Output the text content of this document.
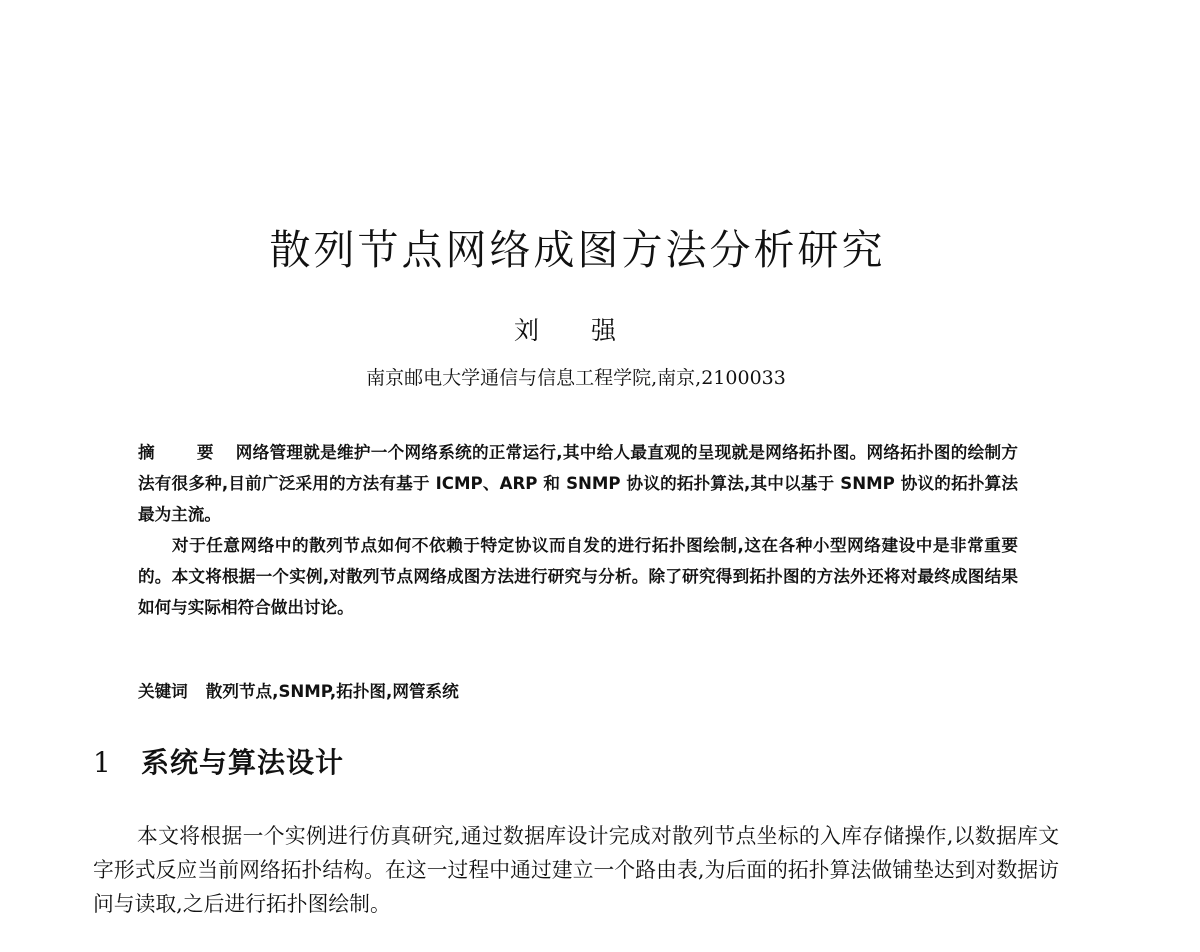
散列节点网络成图方法分析研究
刘 强
南京邮电大学通信与信息工程学院,南京,2100033

摘 要 网络管理就是维护一个网络系统的正常运行,其中给人最直观的呈现就是网络拓扑图。网络拓扑图的绘制方法有很多种,目前广泛采用的方法有基于 ICMP、ARP 和 SNMP 协议的拓扑算法,其中以基于 SNMP 协议的拓扑算法最为主流。

对于任意网络中的散列节点如何不依赖于特定协议而自发的进行拓扑图绘制,这在各种小型网络建设中是非常重要的。本文将根据一个实例,对散列节点网络成图方法进行研究与分析。除了研究得到拓扑图的方法外还将对最终成图结果如何与实际相符合做出讨论。

关键词 散列节点,SNMP,拓扑图,网管系统
1 系统与算法设计

本文将根据一个实例进行仿真研究,通过数据库设计完成对散列节点坐标的入库存储操作,以数据库文字形式反应当前网络拓扑结构。在这一过程中通过建立一个路由表,为后面的拓扑算法做铺垫达到对数据访问与读取,之后进行拓扑图绘制。
